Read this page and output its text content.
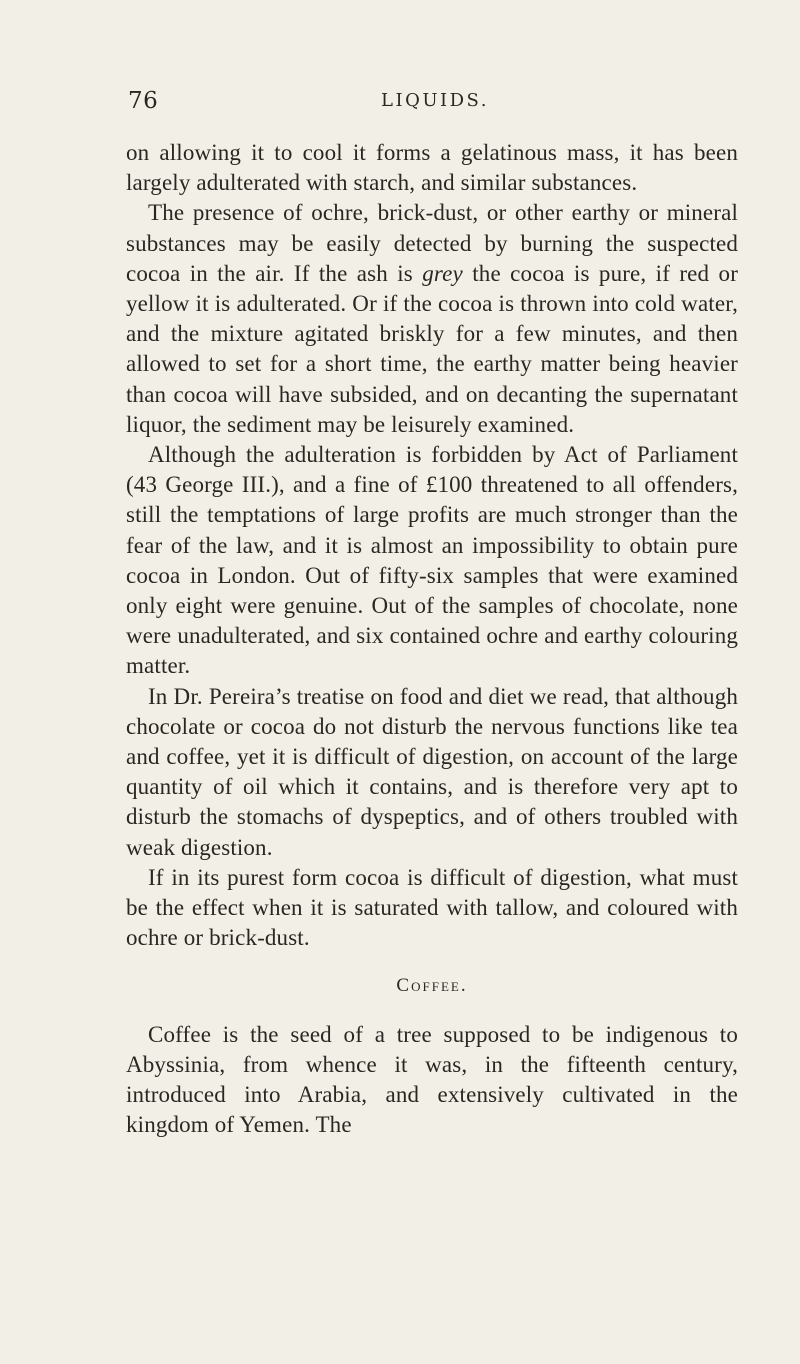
76	LIQUIDS.

on allowing it to cool it forms a gelatinous mass, it has been largely adulterated with starch, and similar substances.

The presence of ochre, brick-dust, or other earthy or mineral substances may be easily detected by burning the suspected cocoa in the air. If the ash is grey the cocoa is pure, if red or yellow it is adulterated. Or if the cocoa is thrown into cold water, and the mixture agitated briskly for a few minutes, and then allowed to set for a short time, the earthy matter being heavier than cocoa will have subsided, and on decanting the supernatant liquor, the sediment may be leisurely examined.

Although the adulteration is forbidden by Act of Parliament (43 George III.), and a fine of £100 threatened to all offenders, still the temptations of large profits are much stronger than the fear of the law, and it is almost an impossibility to obtain pure cocoa in London. Out of fifty-six samples that were examined only eight were genuine. Out of the samples of chocolate, none were unadulterated, and six contained ochre and earthy colouring matter.

In Dr. Pereira’s treatise on food and diet we read, that although chocolate or cocoa do not disturb the nervous functions like tea and coffee, yet it is difficult of digestion, on account of the large quantity of oil which it contains, and is therefore very apt to disturb the stomachs of dyspeptics, and of others troubled with weak digestion.

If in its purest form cocoa is difficult of digestion, what must be the effect when it is saturated with tallow, and coloured with ochre or brick-dust.

Coffee.

Coffee is the seed of a tree supposed to be indigenous to Abyssinia, from whence it was, in the fifteenth century, introduced into Arabia, and extensively cultivated in the kingdom of Yemen. The
